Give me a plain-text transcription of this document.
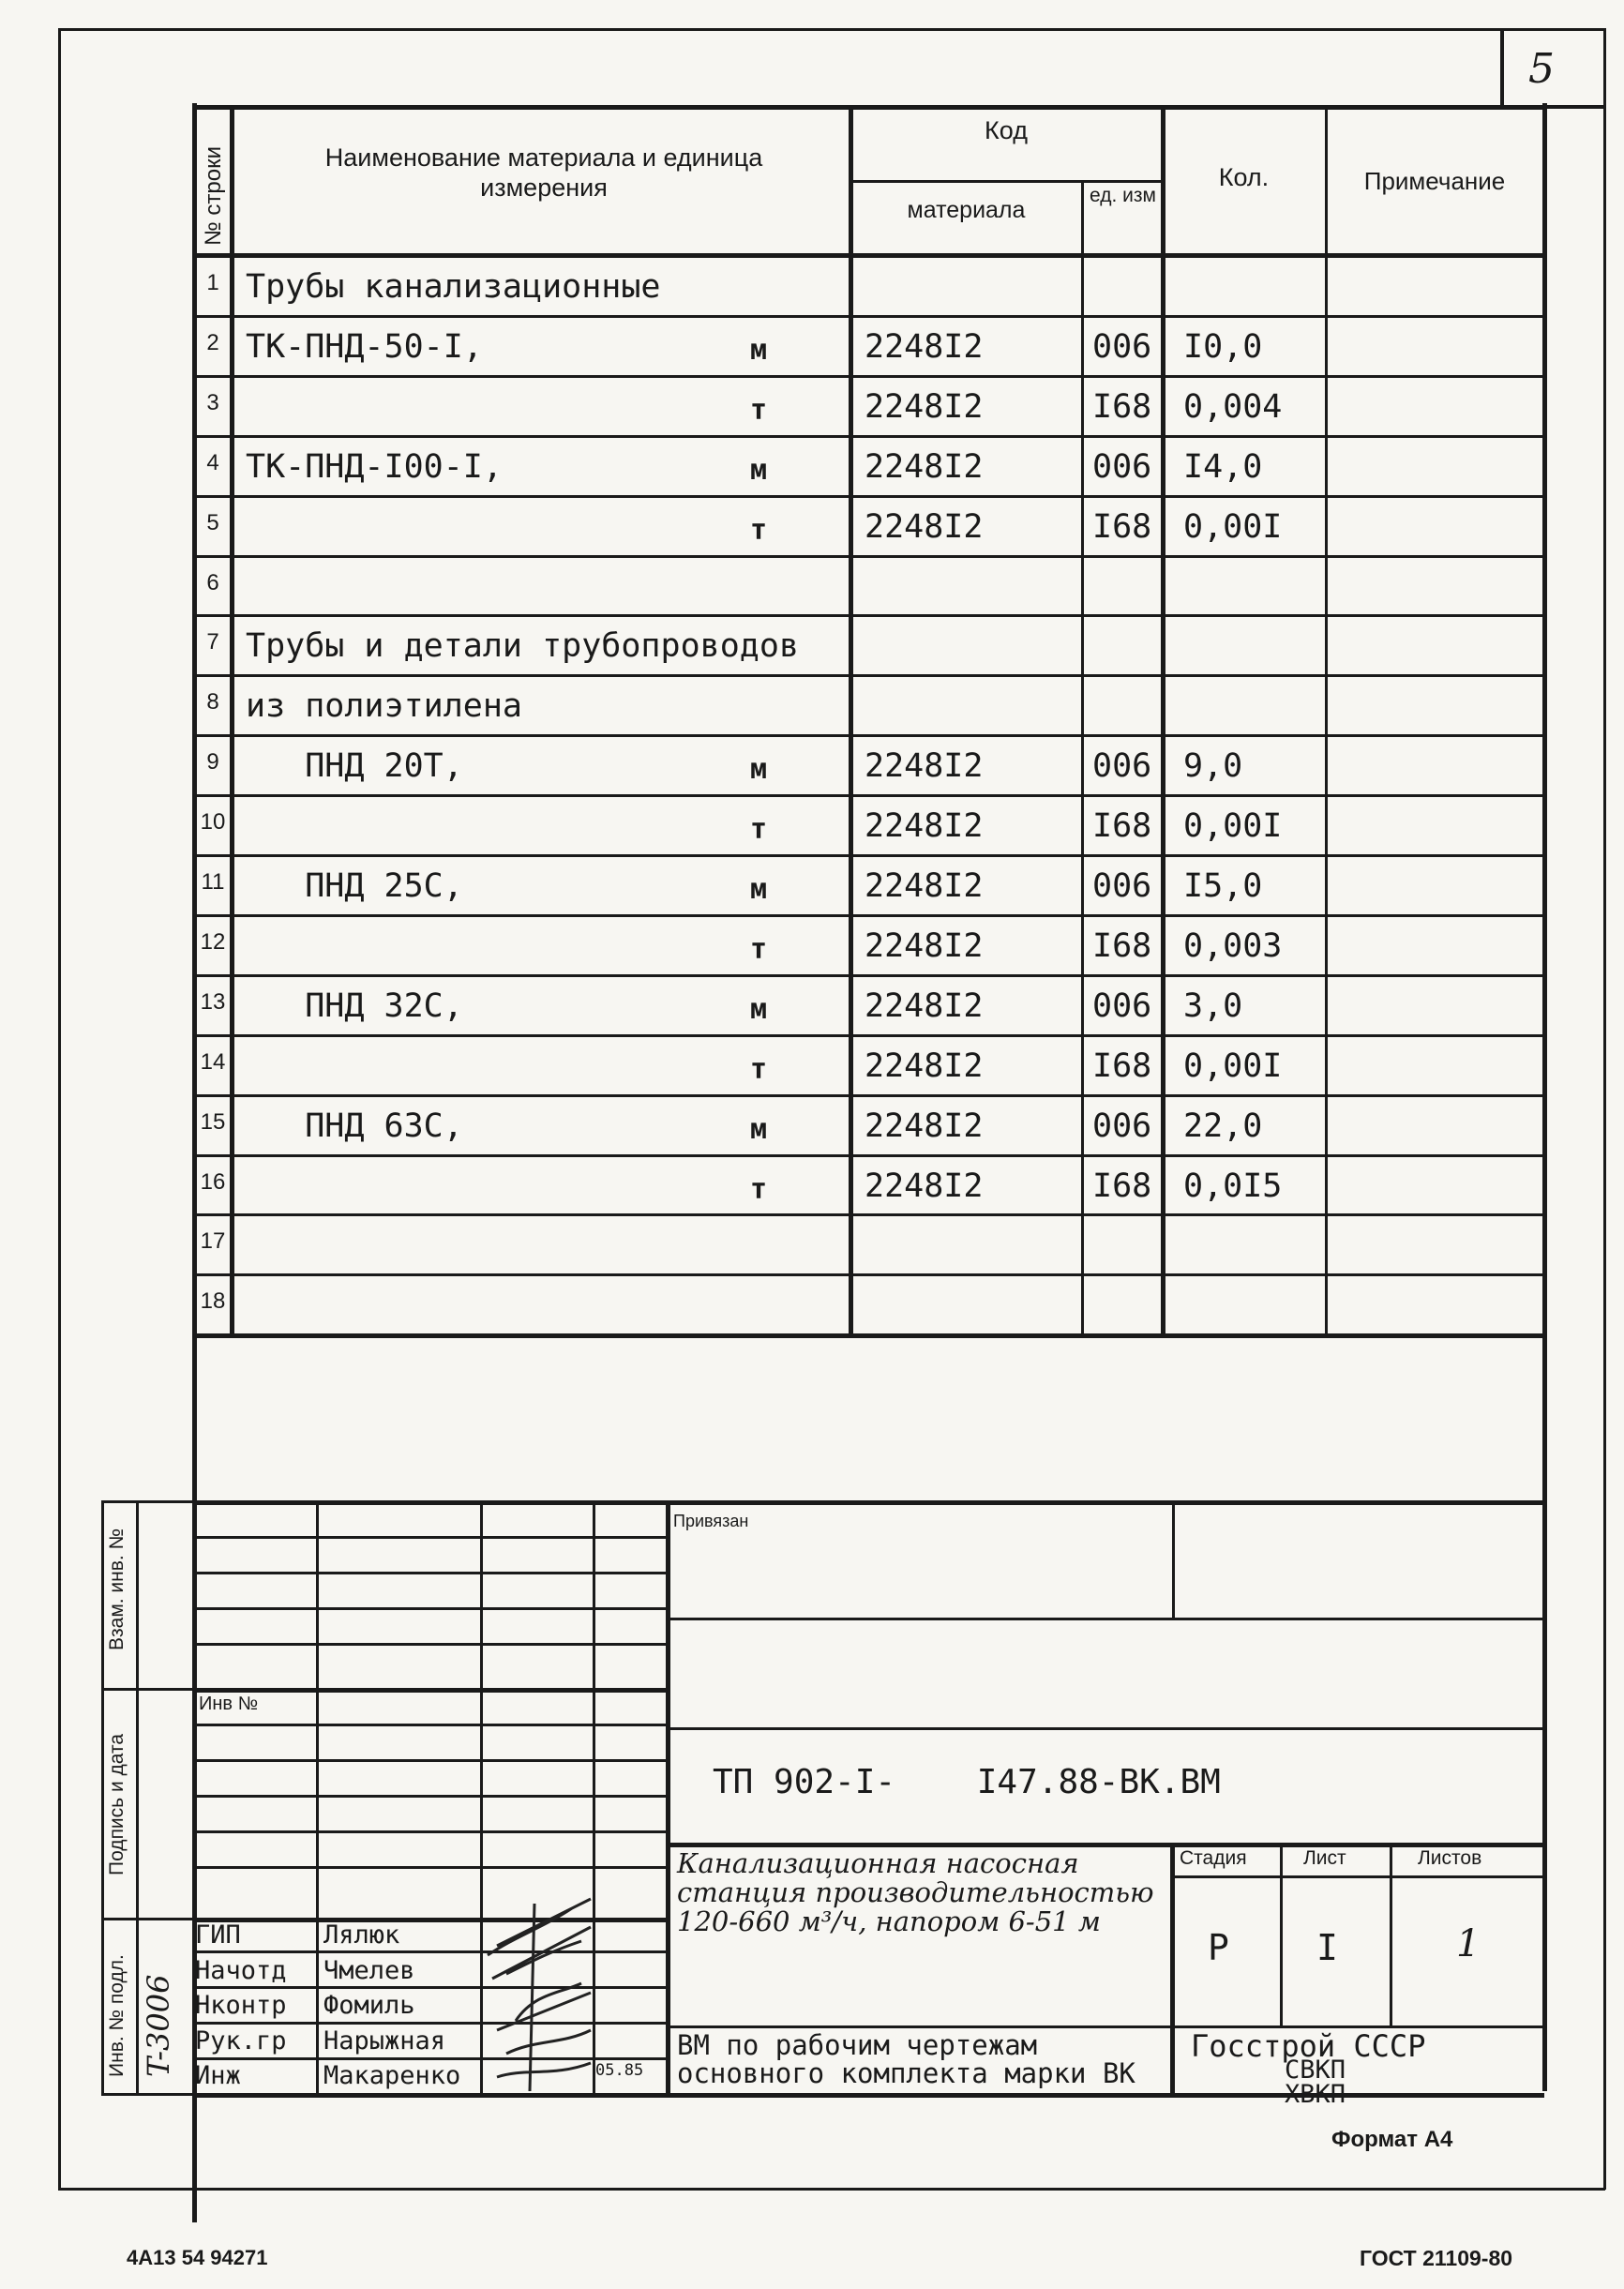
5
№ строки	Наименование материала и единица измерения
Код
материала
ед. изм
Кол.	Примечание
1 Трубы канализационные
2 ТК-ПНД-50-I,	м	2248I2	006 I0,0
3	т	2248I2	I68 0,004
4 ТК-ПНД-I00-I,	м	2248I2	006 I4,0
5	т	2248I2	I68 0,00I
6
7 Трубы и детали трубопроводов
8 из полиэтилена
9 ПНД 20Т,	м	2248I2	006 9,0
10	т	2248I2	I68 0,00I
11 ПНД 25С,	м	2248I2	006 I5,0
12	т	2248I2	I68 0,003
13 ПНД 32С,	м	2248I2	006 3,0
14	т	2248I2	I68 0,00I
15 ПНД 63С,	м	2248I2	006 22,0
16	т	2248I2	I68 0,0I5
17
18
Взам. инв. №
Подпись и дата
Инв. № подл. T-3006
Инв №
Привязан
ТП 902-I-    I47.88-ВК.ВМ
Канализационная насосная станция производительностью 120-660 м³/ч, напором 6-51 м
Стадия	Лист	Листов
Р I	1
ВМ по рабочим чертежам основного комплекта марки ВК
Госстрой СССР
СВКП
ХВКП
ГИП	Лялюк
Начотд Чмелев
Нконтр Фомиль
Рук.гр Нарыжная
Инж	Макаренко	05.85
Формат А4
4А13 54 94271	ГОСТ 21109-80
